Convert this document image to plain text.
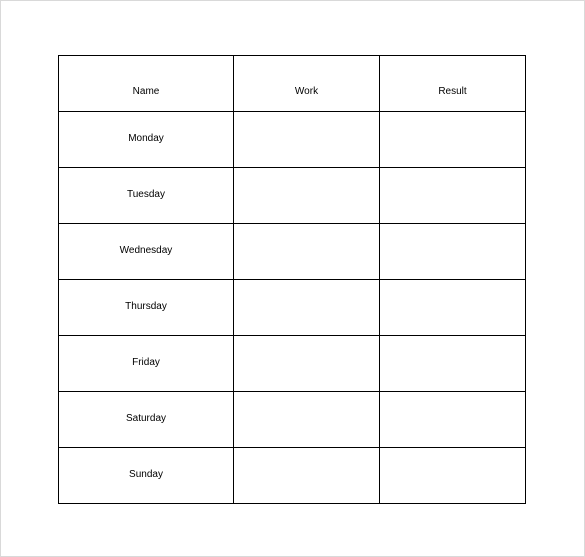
Name	Work	Result
Monday		
Tuesday		
Wednesday		
Thursday		
Friday		
Saturday		
Sunday		
